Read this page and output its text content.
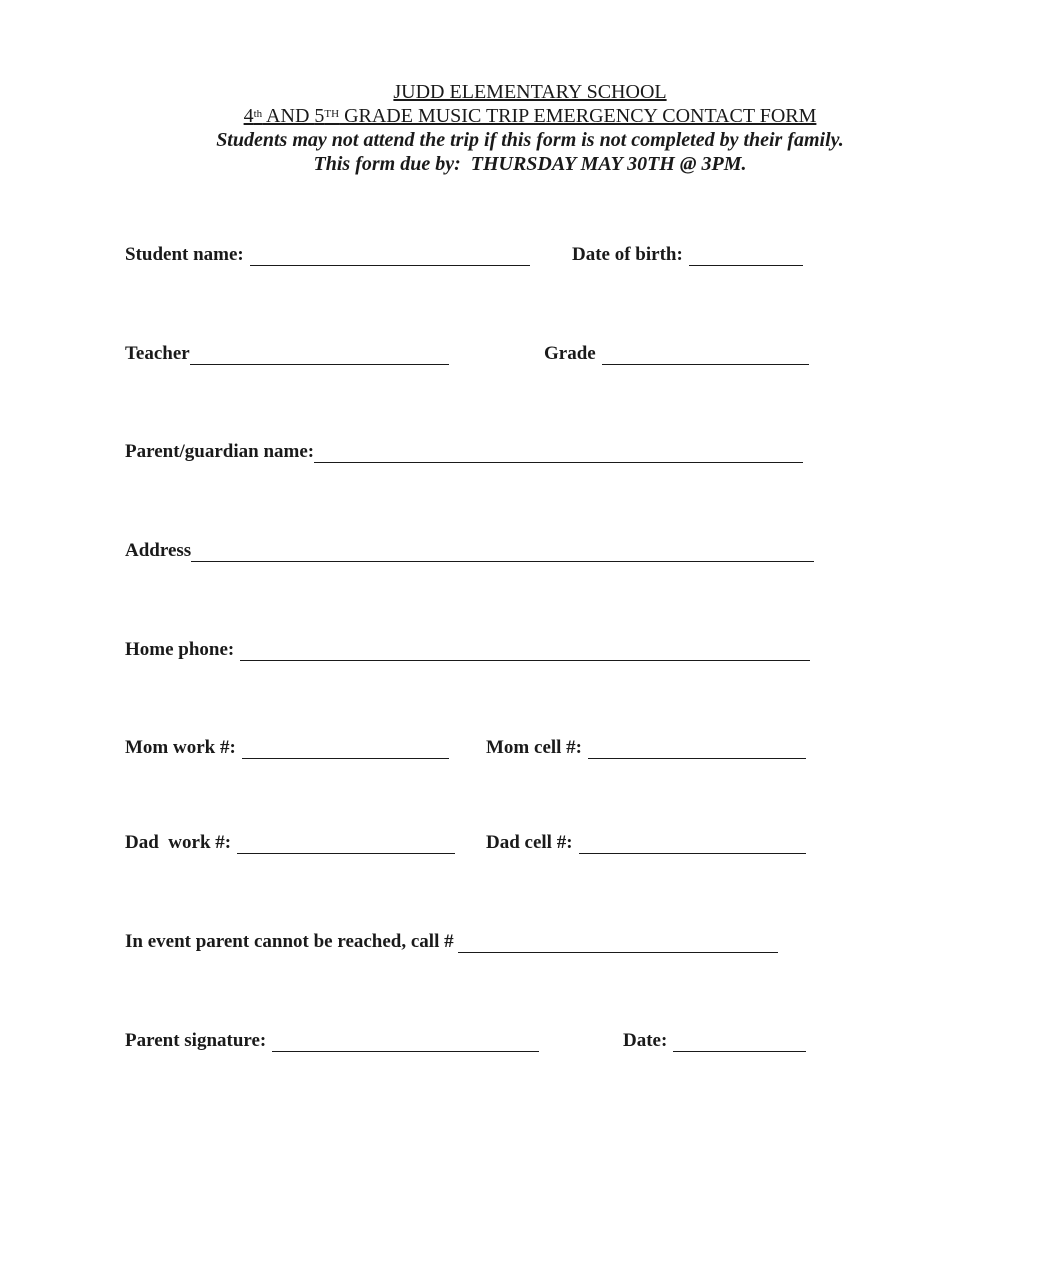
JUDD ELEMENTARY SCHOOL
4th AND 5TH GRADE MUSIC TRIP EMERGENCY CONTACT FORM
Students may not attend the trip if this form is not completed by their family.
This form due by: THURSDAY MAY 30TH @ 3PM.
Student name:	Date of birth:
Teacher	Grade
Parent/guardian name:
Address
Home phone:
Mom work #:	Mom cell #:
Dad  work #:	Dad cell #:
In event parent cannot be reached, call #
Parent signature:	Date:
